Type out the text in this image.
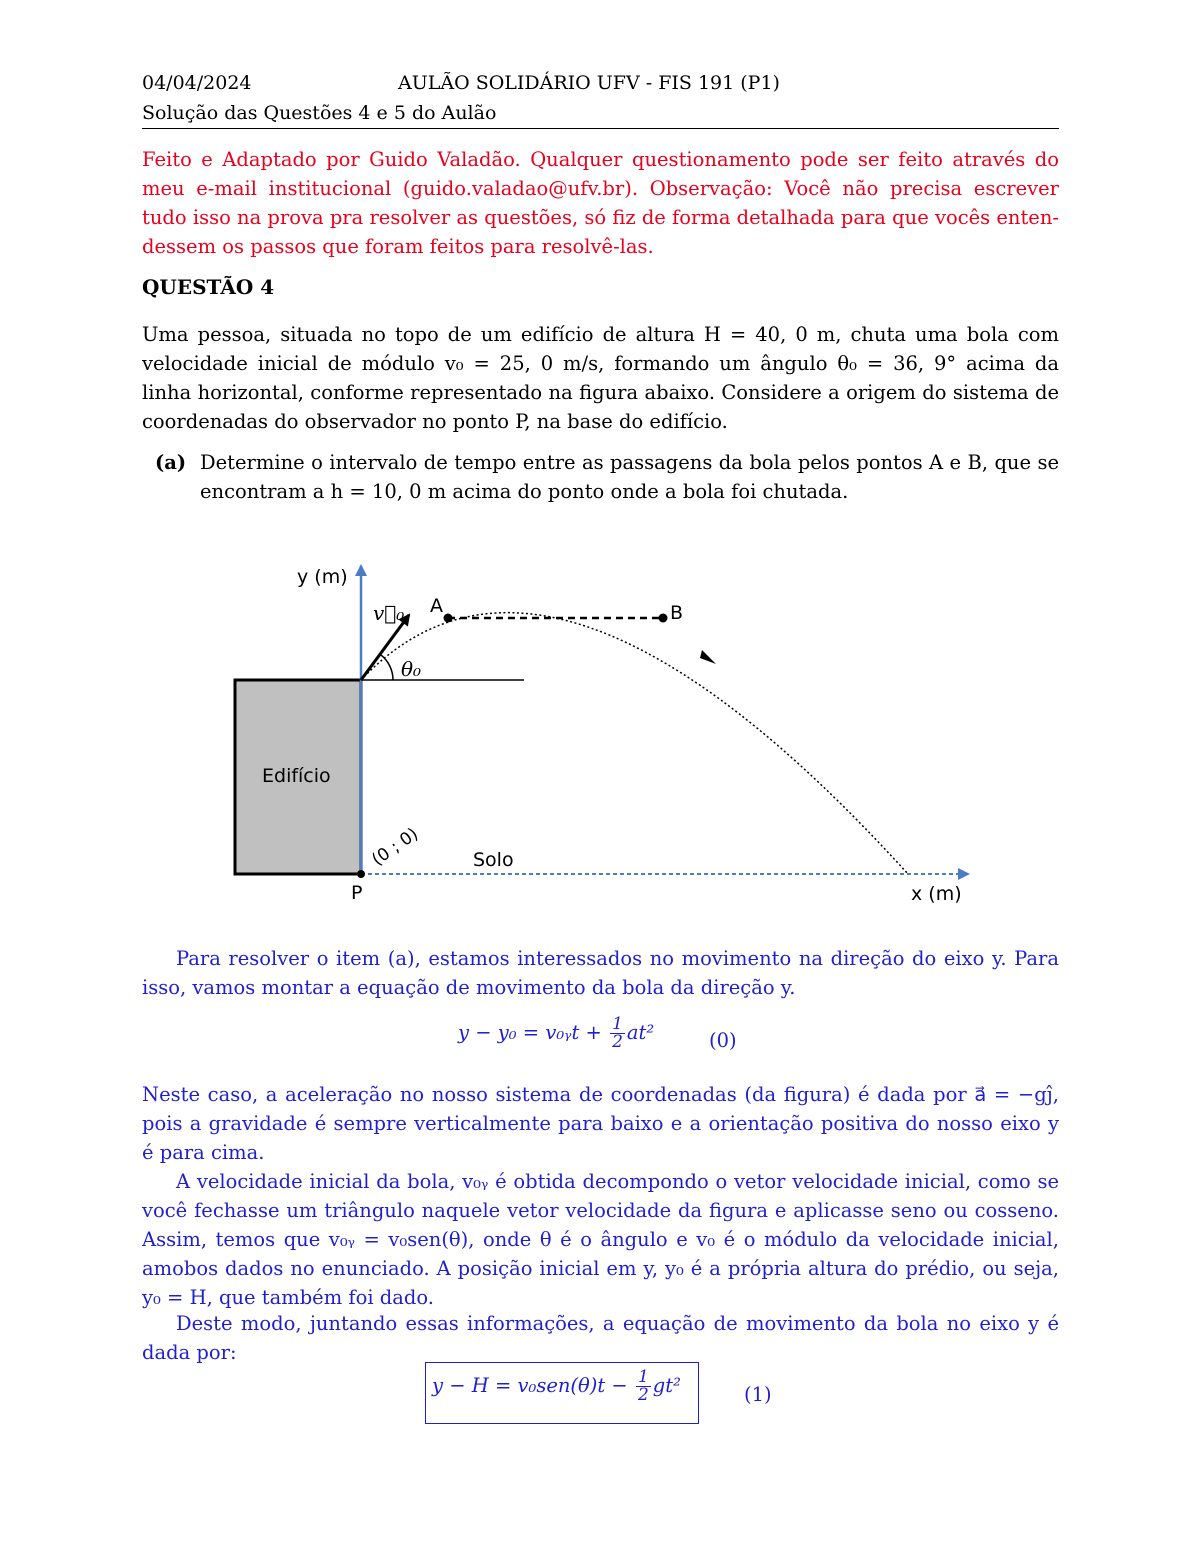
04/04/2024	AULÃO SOLIDÁRIO UFV - FIS 191 (P1)
Solução das Questões 4 e 5 do Aulão
Feito e Adaptado por Guido Valadão. Qualquer questionamento pode ser feito através do
meu e-mail institucional (guido.valadao@ufv.br). Observação: Você não precisa escrever
tudo isso na prova pra resolver as questões, só fiz de forma detalhada para que vocês enten-
dessem os passos que foram feitos para resolvê-las.
QUESTÃO 4
Uma pessoa, situada no topo de um edifício de altura H = 40, 0 m, chuta uma bola com
velocidade inicial de módulo v₀ = 25, 0 m/s, formando um ângulo θ₀ = 36, 9° acima da
linha horizontal, conforme representado na figura abaixo. Considere a origem do sistema de
coordenadas do observador no ponto P, na base do edifício.
(a) Determine o intervalo de tempo entre as passagens da bola pelos pontos A e B, que se
encontram a h = 10, 0 m acima do ponto onde a bola foi chutada.
y (m)
x (m)
v⃗₀
θ₀
A	B
Edifício
(0 ; 0)	Solo
P
Para resolver o item (a), estamos interessados no movimento na direção do eixo y. Para
isso, vamos montar a equação de movimento da bola da direção y.
y − y₀ = v₀ᵧt + $\frac{1}{2} at^2$	(0)
Neste caso, a aceleração no nosso sistema de coordenadas (da figura) é dada por a⃗ = −gĵ,
pois a gravidade é sempre verticalmente para baixo e a orientação positiva do nosso eixo y
é para cima.
A velocidade inicial da bola, v₀ᵧ é obtida decompondo o vetor velocidade inicial, como se
você fechasse um triângulo naquele vetor velocidade da figura e aplicasse seno ou cosseno.
Assim, temos que v₀ᵧ = v₀sen(θ), onde θ é o ângulo e v₀ é o módulo da velocidade inicial,
amobos dados no enunciado. A posição inicial em y, y₀ é a própria altura do prédio, ou seja,
y₀ = H, que também foi dado.
Deste modo, juntando essas informações, a equação de movimento da bola no eixo y é
dada por:
$y - H = v_0sen(\theta)t - \frac{1}{2} gt^2$	(1)
